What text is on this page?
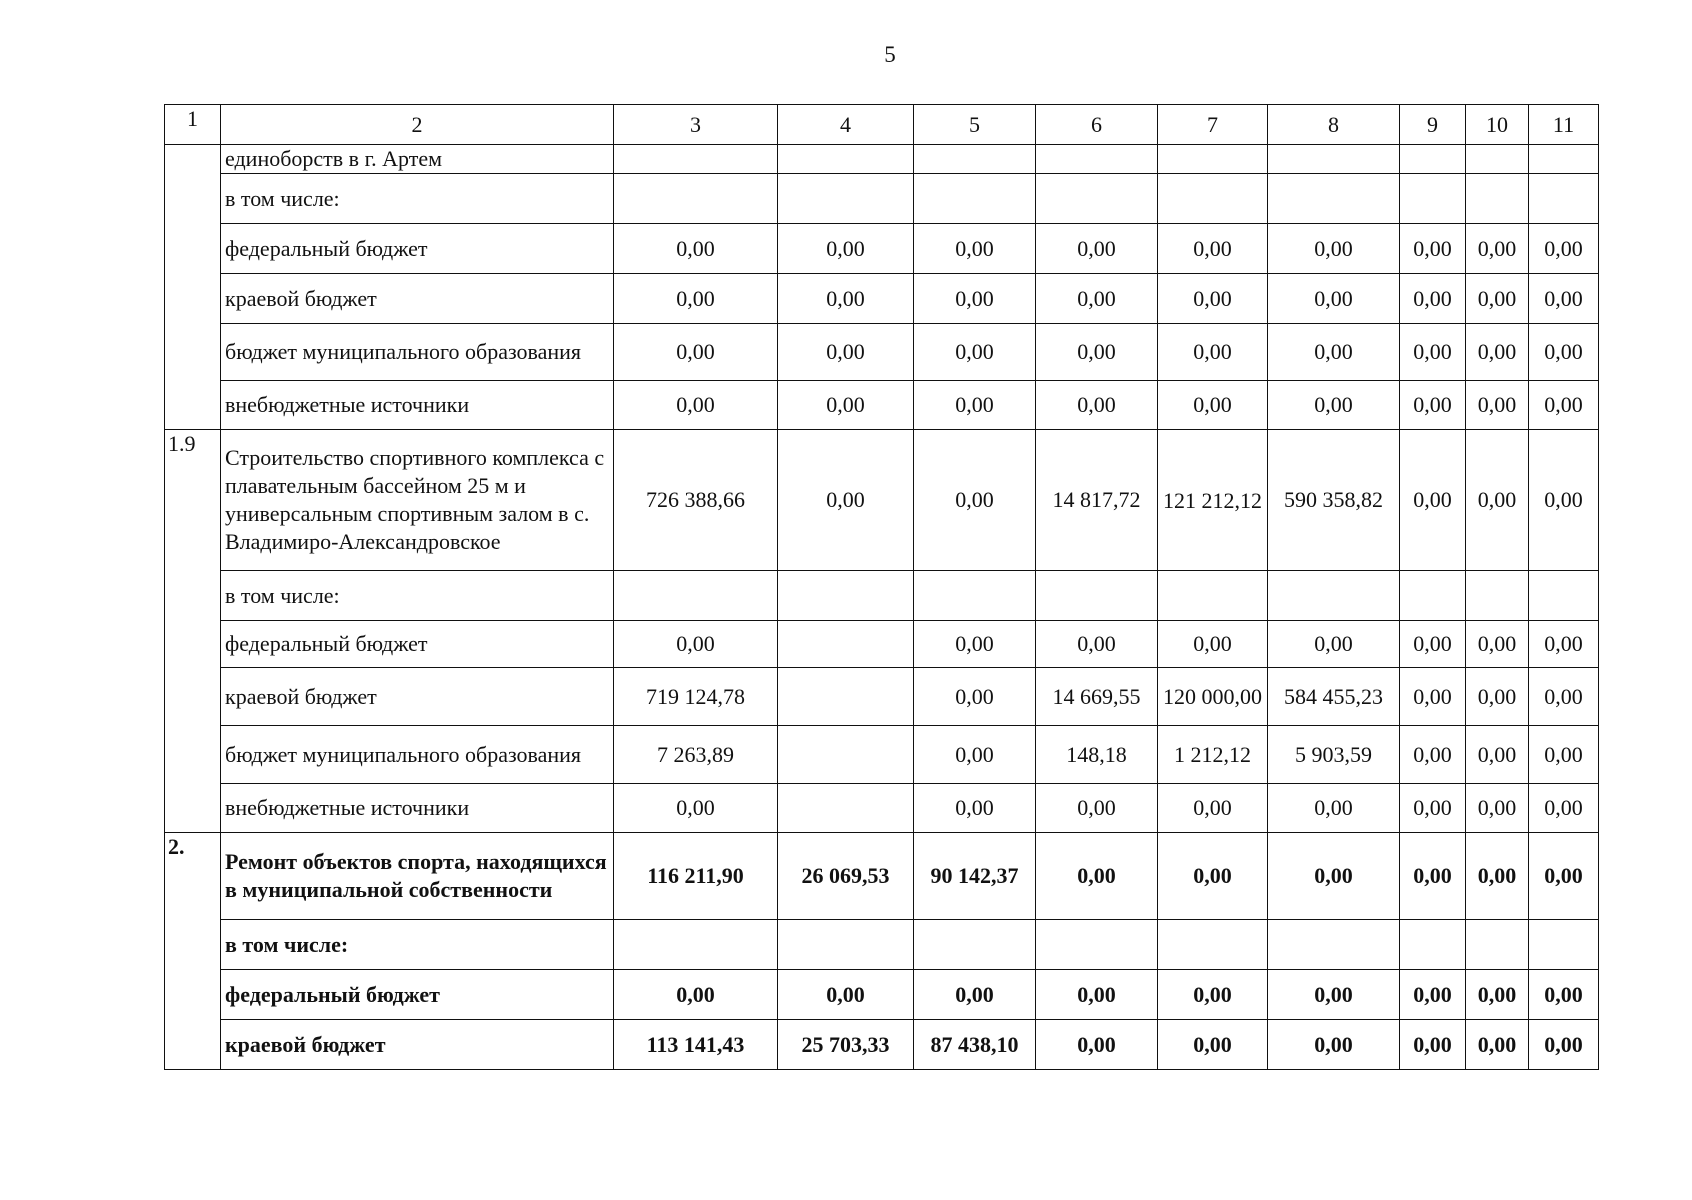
5
1	2	3	4	5	6	7	8	9	10	11
	единоборств в г. Артем									
	в том числе:									
	федеральный бюджет	0,00	0,00	0,00	0,00	0,00	0,00	0,00	0,00	0,00
	краевой бюджет	0,00	0,00	0,00	0,00	0,00	0,00	0,00	0,00	0,00
	бюджет муниципального образования	0,00	0,00	0,00	0,00	0,00	0,00	0,00	0,00	0,00
	внебюджетные источники	0,00	0,00	0,00	0,00	0,00	0,00	0,00	0,00	0,00
1.9	Строительство спортивного комплекса с плавательным бассейном 25 м и универсальным спортивным залом в с. Владимиро-Александровское	726 388,66	0,00	0,00	14 817,72	121 212,12	590 358,82	0,00	0,00	0,00
	в том числе:									
	федеральный бюджет	0,00		0,00	0,00	0,00	0,00	0,00	0,00	0,00
	краевой бюджет	719 124,78		0,00	14 669,55	120 000,00	584 455,23	0,00	0,00	0,00
	бюджет муниципального образования	7 263,89		0,00	148,18	1 212,12	5 903,59	0,00	0,00	0,00
	внебюджетные источники	0,00		0,00	0,00	0,00	0,00	0,00	0,00	0,00
2.	Ремонт объектов спорта, находящихся в муниципальной собственности	116 211,90	26 069,53	90 142,37	0,00	0,00	0,00	0,00	0,00	0,00
	в том числе:									
	федеральный бюджет	0,00	0,00	0,00	0,00	0,00	0,00	0,00	0,00	0,00
	краевой бюджет	113 141,43	25 703,33	87 438,10	0,00	0,00	0,00	0,00	0,00	0,00
